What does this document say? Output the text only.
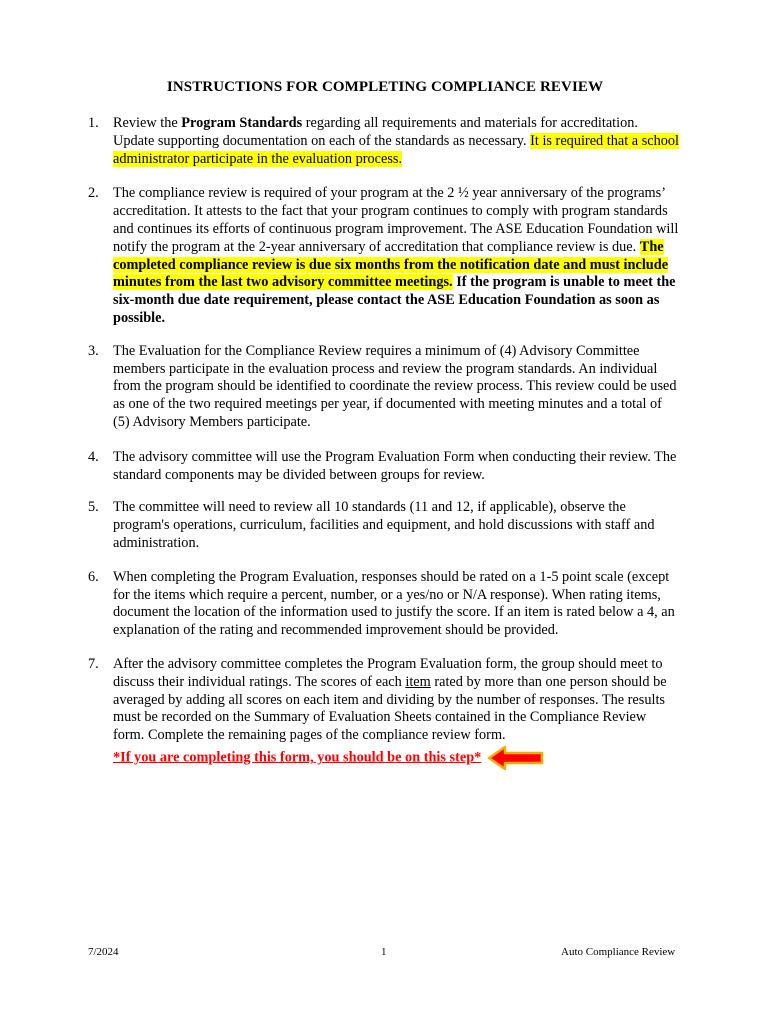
INSTRUCTIONS FOR COMPLETING COMPLIANCE REVIEW
1. Review the Program Standards regarding all requirements and materials for accreditation. Update supporting documentation on each of the standards as necessary. It is required that a school administrator participate in the evaluation process.
2. The compliance review is required of your program at the 2 ½ year anniversary of the programs’ accreditation. It attests to the fact that your program continues to comply with program standards and continues its efforts of continuous program improvement. The ASE Education Foundation will notify the program at the 2-year anniversary of accreditation that compliance review is due. The completed compliance review is due six months from the notification date and must include minutes from the last two advisory committee meetings. If the program is unable to meet the six-month due date requirement, please contact the ASE Education Foundation as soon as possible.
3. The Evaluation for the Compliance Review requires a minimum of (4) Advisory Committee members participate in the evaluation process and review the program standards. An individual from the program should be identified to coordinate the review process. This review could be used as one of the two required meetings per year, if documented with meeting minutes and a total of (5) Advisory Members participate.
4. The advisory committee will use the Program Evaluation Form when conducting their review. The standard components may be divided between groups for review.
5. The committee will need to review all 10 standards (11 and 12, if applicable), observe the program's operations, curriculum, facilities and equipment, and hold discussions with staff and administration.
6. When completing the Program Evaluation, responses should be rated on a 1-5 point scale (except for the items which require a percent, number, or a yes/no or N/A response). When rating items, document the location of the information used to justify the score. If an item is rated below a 4, an explanation of the rating and recommended improvement should be provided.
7. After the advisory committee completes the Program Evaluation form, the group should meet to discuss their individual ratings. The scores of each item rated by more than one person should be averaged by adding all scores on each item and dividing by the number of responses. The results must be recorded on the Summary of Evaluation Sheets contained in the Compliance Review form. Complete the remaining pages of the compliance review form.
*If you are completing this form, you should be on this step*
7/2024	1	Auto Compliance Review
